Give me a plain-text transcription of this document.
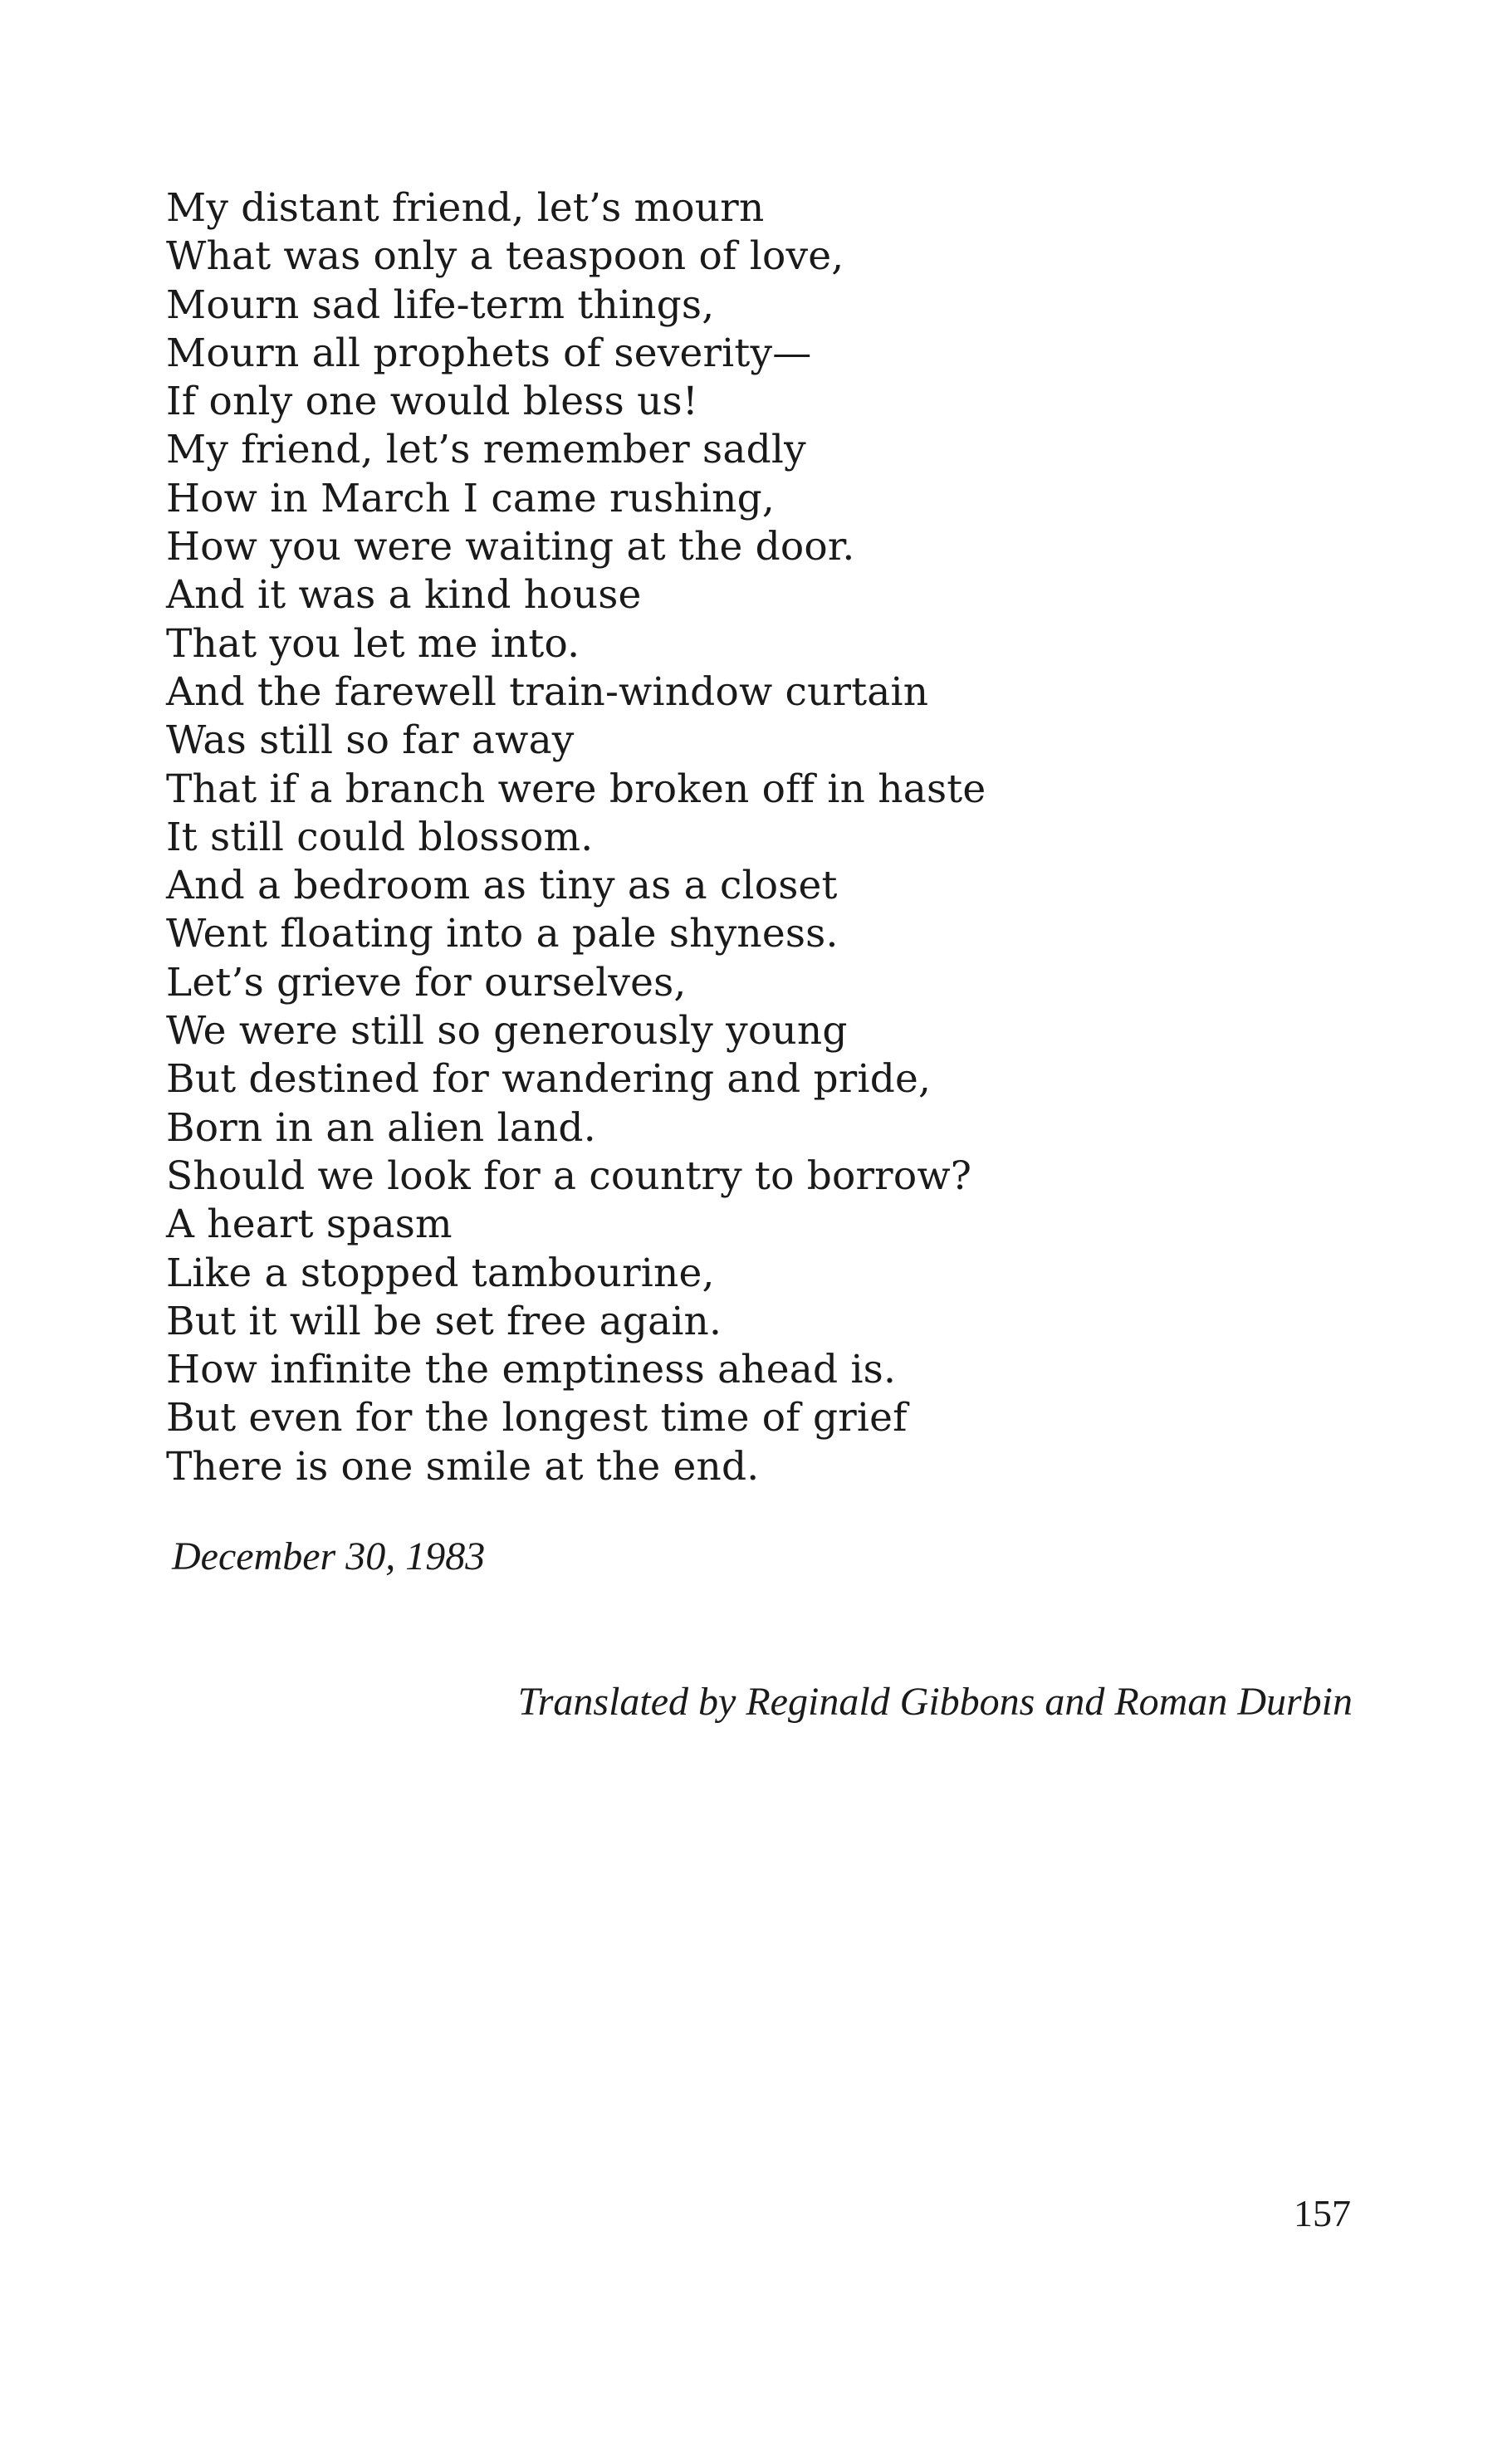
My distant friend, let’s mourn
What was only a teaspoon of love,
Mourn sad life-term things,
Mourn all prophets of severity—
If only one would bless us!
My friend, let’s remember sadly
How in March I came rushing,
How you were waiting at the door.
And it was a kind house
That you let me into.
And the farewell train-window curtain
Was still so far away
That if a branch were broken off in haste
It still could blossom.
And a bedroom as tiny as a closet
Went floating into a pale shyness.
Let’s grieve for ourselves,
We were still so generously young
But destined for wandering and pride,
Born in an alien land.
Should we look for a country to borrow?
A heart spasm
Like a stopped tambourine,
But it will be set free again.
How infinite the emptiness ahead is.
But even for the longest time of grief
There is one smile at the end.
December 30, 1983
Translated by Reginald Gibbons and Roman Durbin
157
